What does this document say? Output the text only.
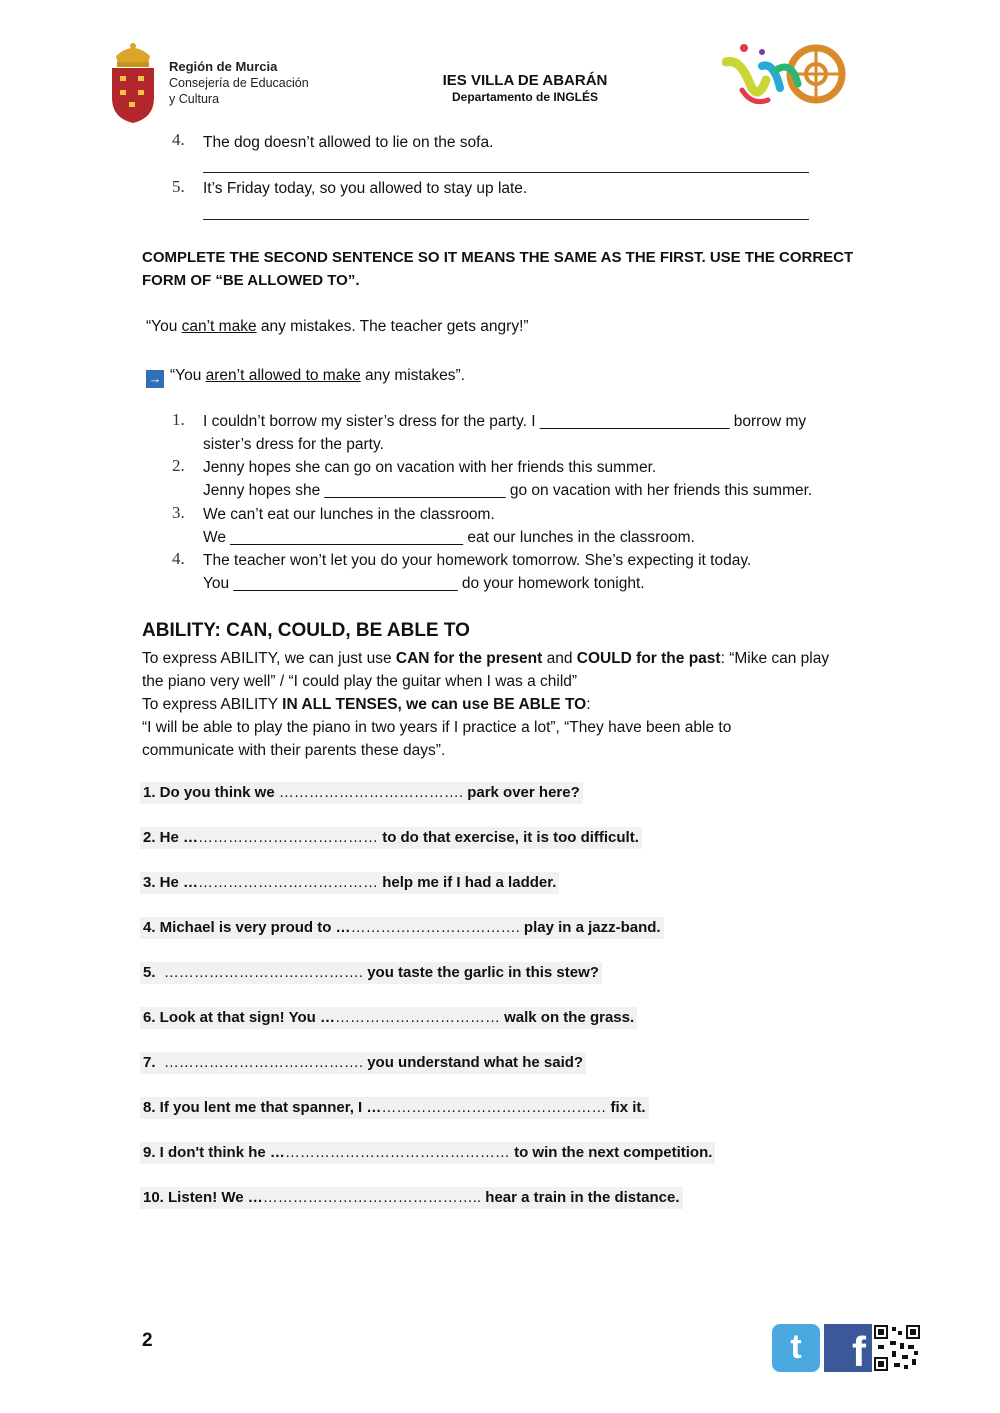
Región de Murcia
Consejería de Educación
y Cultura
IES VILLA DE ABARÁN
Departamento de INGLÉS
4. The dog doesn’t allowed to lie on the sofa.
5. It’s Friday today, so you allowed to stay up late.
COMPLETE THE SECOND SENTENCE SO IT MEANS THE SAME AS THE FIRST. USE THE CORRECT
FORM OF “BE ALLOWED TO”.
“You can’t make any mistakes. The teacher gets angry!”
→ “You aren’t allowed to make any mistakes”.
1. I couldn’t borrow my sister’s dress for the party. I ______________________ borrow my
sister’s dress for the party.
2. Jenny hopes she can go on vacation with her friends this summer.
Jenny hopes she _____________________ go on vacation with her friends this summer.
3. We can’t eat our lunches in the classroom.
We ___________________________ eat our lunches in the classroom.
4. The teacher won’t let you do your homework tomorrow. She’s expecting it today.
You __________________________ do your homework tonight.
ABILITY: CAN, COULD, BE ABLE TO
To express ABILITY, we can just use CAN for the present and COULD for the past: “Mike can play
the piano very well” / “I could play the guitar when I was a child”
To express ABILITY IN ALL TENSES, we can use BE ABLE TO:
“I will be able to play the piano in two years if I practice a lot”, “They have been able to
communicate with their parents these days”.
1. Do you think we ………………………………. park over here?
2. He ………………………………… to do that exercise, it is too difficult.
3. He ………………………………… help me if I had a ladder.
4. Michael is very proud to ………………………………. play in a jazz-band.
5.  …………………………………. you taste the garlic in this stew?
6. Look at that sign! You ……………………………… walk on the grass.
7.  …………………………………. you understand what he said?
8. If you lent me that spanner, I ………………………………………… fix it.
9. I don't think he ………………………………………… to win the next competition.
10. Listen! We ……………………………………….. hear a train in the distance.
2	t	f
